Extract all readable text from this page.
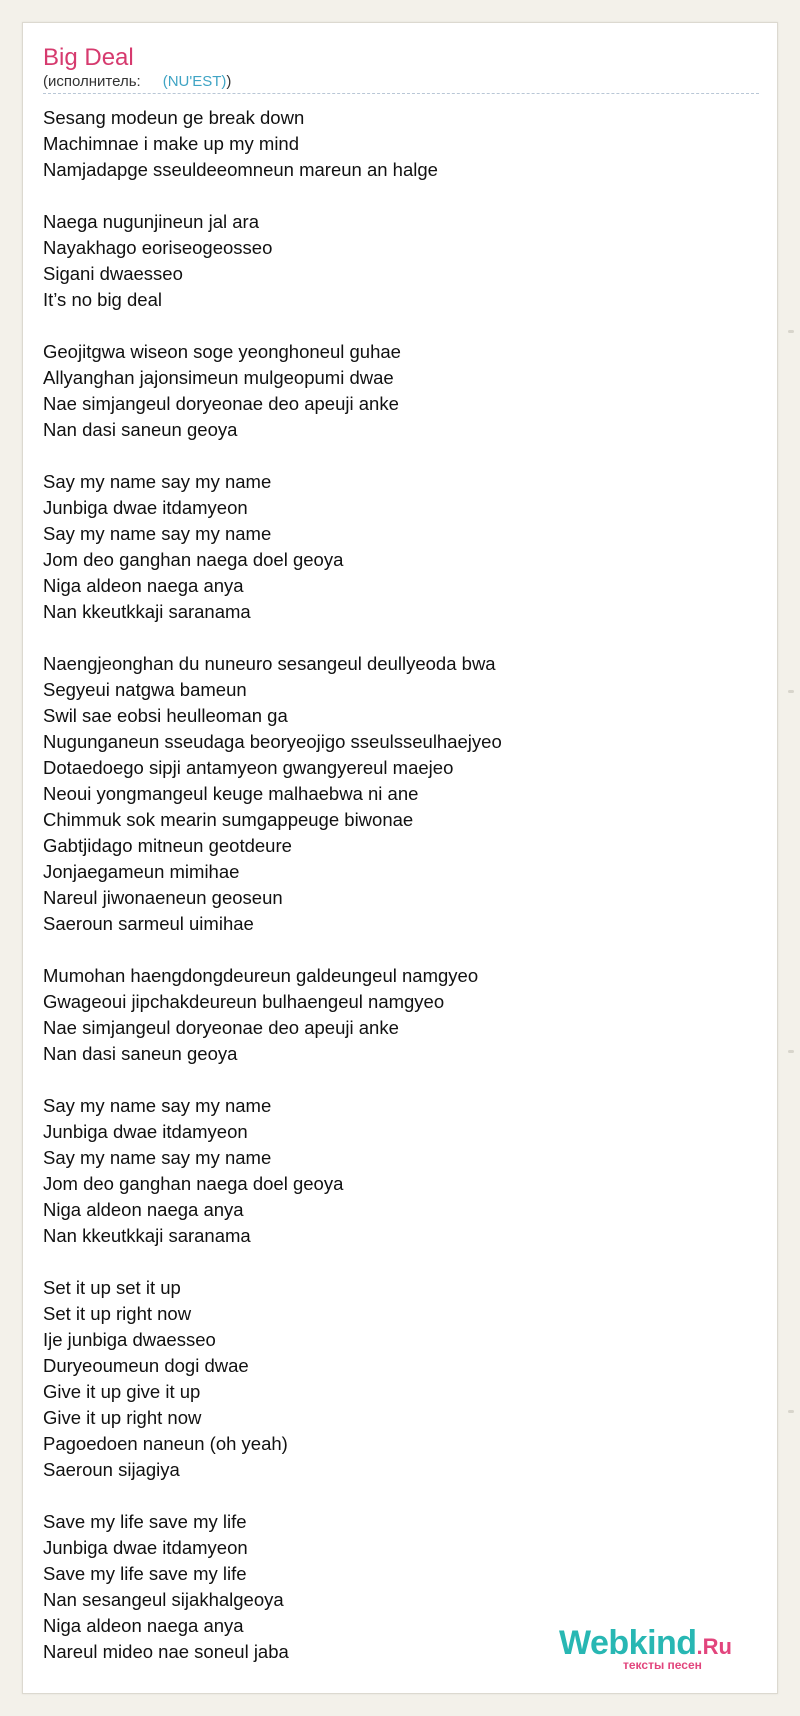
Big Deal
(исполнитель: (NU'EST))
Sesang modeun ge break down
Machimnae i make up my mind
Namjadapge sseuldeeomneun mareun an halge
Naega nugunjineun jal ara
Nayakhago eoriseogeosseo
Sigani dwaesseo
It’s no big deal
Geojitgwa wiseon soge yeonghoneul guhae
Allyanghan jajonsimeun mulgeopumi dwae
Nae simjangeul doryeonae deo apeuji anke
Nan dasi saneun geoya
Say my name say my name
Junbiga dwae itdamyeon
Say my name say my name
Jom deo ganghan naega doel geoya
Niga aldeon naega anya
Nan kkeutkkaji saranama
Naengjeonghan du nuneuro sesangeul deullyeoda bwa
Segyeui natgwa bameun
Swil sae eobsi heulleoman ga
Nugunganeun sseudaga beoryeojigo sseulsseulhaejyeo
Dotaedoego sipji antamyeon gwangyereul maejeo
Neoui yongmangeul keuge malhaebwa ni ane
Chimmuk sok mearin sumgappeuge biwonae
Gabtjidago mitneun geotdeure
Jonjaegameun mimihae
Nareul jiwonaeneun geoseun
Saeroun sarmeul uimihae
Mumohan haengdongdeureun galdeungeul namgyeo
Gwageoui jipchakdeureun bulhaengeul namgyeo
Nae simjangeul doryeonae deo apeuji anke
Nan dasi saneun geoya
Say my name say my name
Junbiga dwae itdamyeon
Say my name say my name
Jom deo ganghan naega doel geoya
Niga aldeon naega anya
Nan kkeutkkaji saranama
Set it up set it up
Set it up right now
Ije junbiga dwaesseo
Duryeoumeun dogi dwae
Give it up give it up
Give it up right now
Pagoedoen naneun (oh yeah)
Saeroun sijagiya
Save my life save my life
Junbiga dwae itdamyeon
Save my life save my life
Nan sesangeul sijakhalgeoya
Niga aldeon naega anya
Nareul mideo nae soneul jaba	Webkind.Ru
тексты песен
